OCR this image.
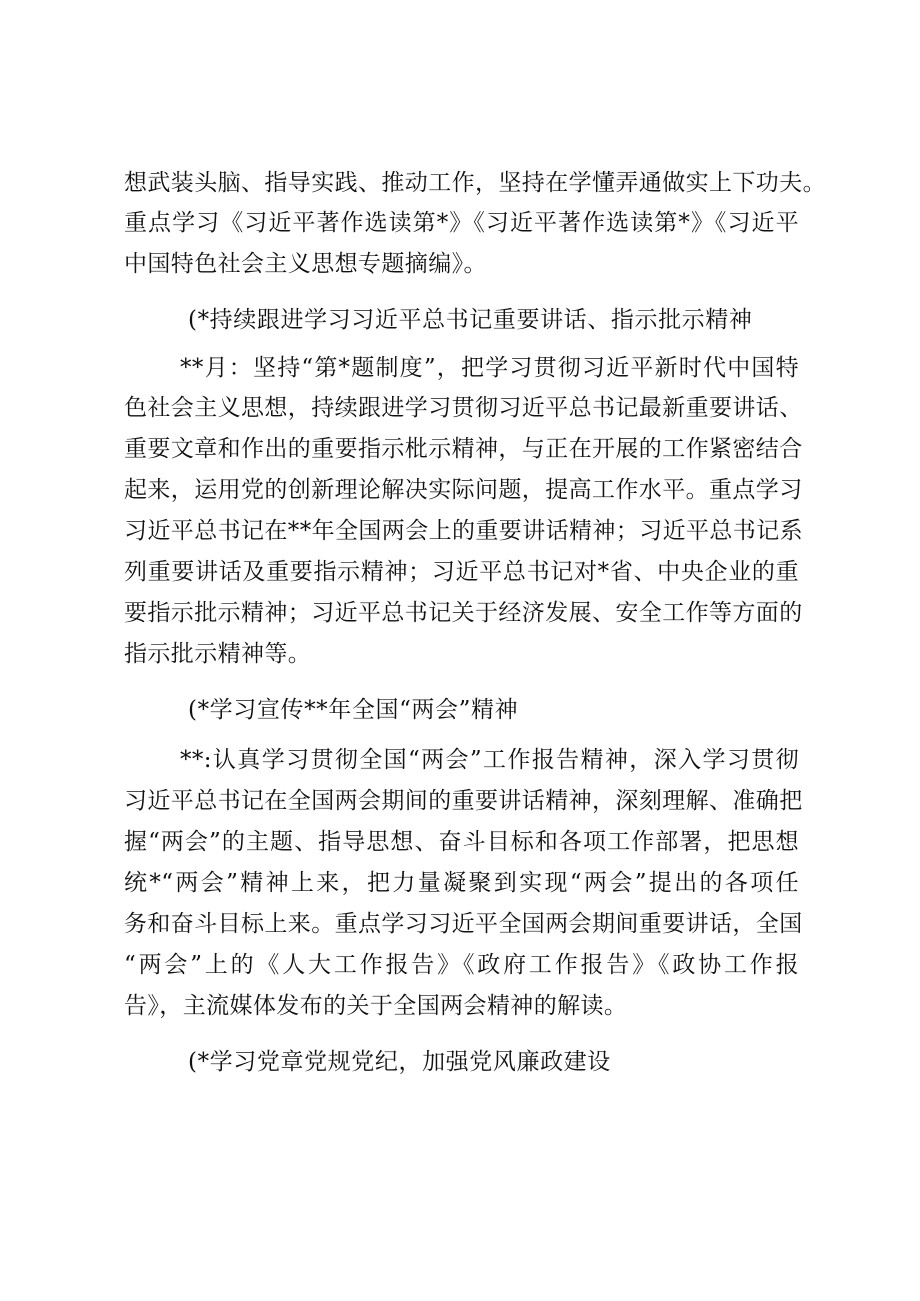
想武装头脑、指导实践、推动工作，坚持在学懂弄通做实上下功夫。

重点学习《习近平著作选读第*》《习近平著作选读第*》《习近平

中国特色社会主义思想专题摘编》。

(*持续跟进学习习近平总书记重要讲话、指示批示精神

**月：坚持“第*题制度”，把学习贯彻习近平新时代中国特

色社会主义思想，持续跟进学习贯彻习近平总书记最新重要讲话、

重要文章和作出的重要指示枇示精神，与正在开展的工作紧密结合

起来，运用党的创新理论解决实际问题，提高工作水平。重点学习

习近平总书记在**年全国两会上的重要讲话精神；习近平总书记系

列重要讲话及重要指示精神；习近平总书记对*省、中央企业的重

要指示批示精神；习近平总书记关于经济发展、安全工作等方面的

指示批示精神等。

(*学习宣传**年全国“两会”精神

**:认真学习贯彻全国“两会”工作报告精神，深入学习贯彻

习近平总书记在全国两会期间的重要讲话精神，深刻理解、准确把

握“两会”的主题、指导思想、奋斗目标和各项工作部署，把思想

统*“两会”精神上来，把力量凝聚到实现“两会”提出的各项任

务和奋斗目标上来。重点学习习近平全国两会期间重要讲话，全国

“两会”上的《人大工作报告》《政府工作报告》《政协工作报

告》，主流媒体发布的关于全国两会精神的解读。

(*学习党章党规党纪，加强党风廉政建设
